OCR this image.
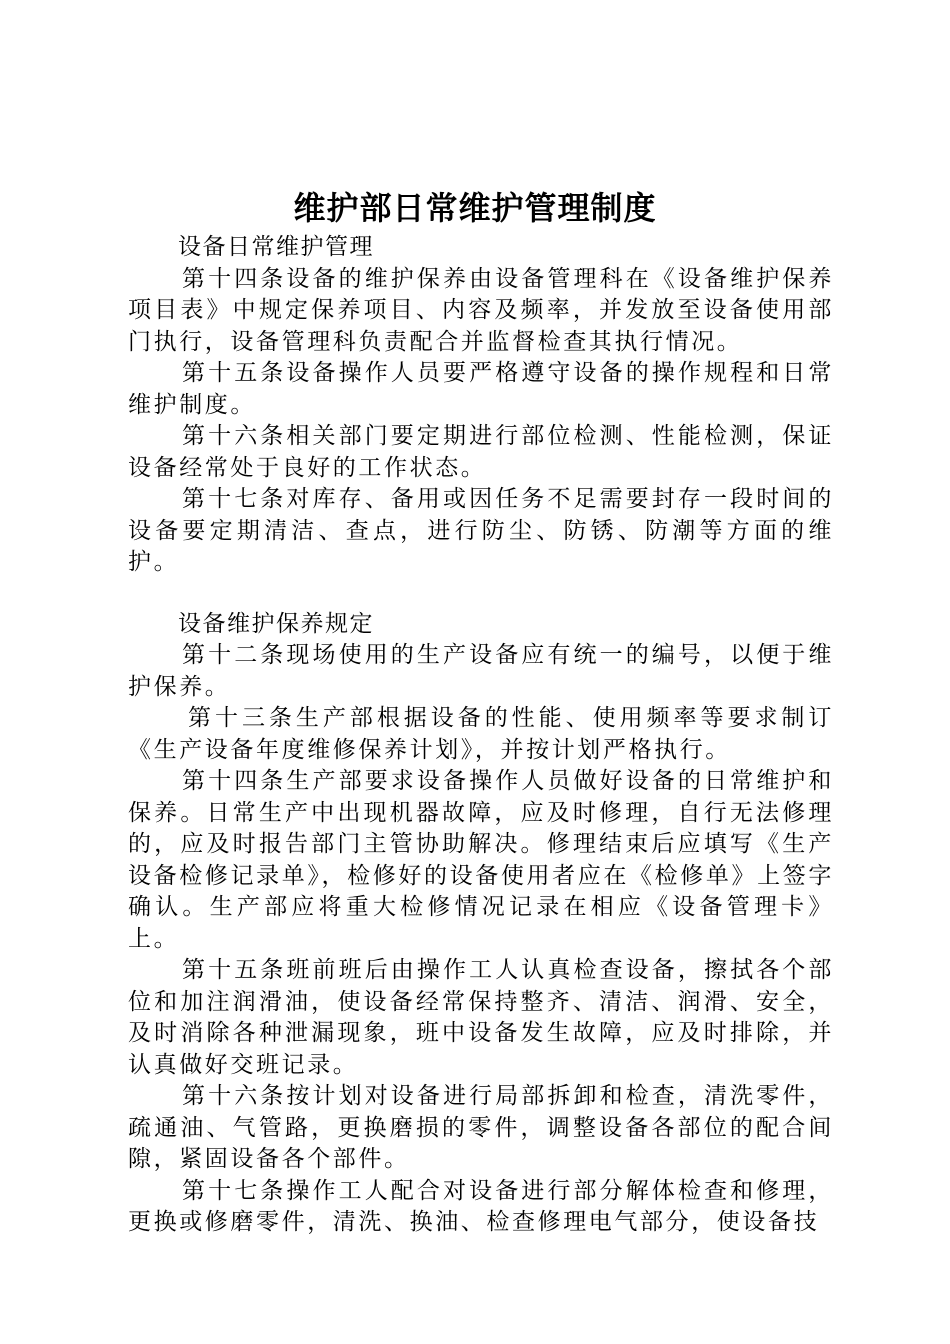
维护部日常维护管理制度

设备日常维护管理

第十四条设备的维护保养由设备管理科在《设备维护保养项目表》中规定保养项目、内容及频率，并发放至设备使用部门执行，设备管理科负责配合并监督检查其执行情况。

第十五条设备操作人员要严格遵守设备的操作规程和日常维护制度。

第十六条相关部门要定期进行部位检测、性能检测，保证设备经常处于良好的工作状态。

第十七条对库存、备用或因任务不足需要封存一段时间的设备要定期清洁、查点，进行防尘、防锈、防潮等方面的维护。

设备维护保养规定

第十二条现场使用的生产设备应有统一的编号，以便于维护保养。

第十三条生产部根据设备的性能、使用频率等要求制订《生产设备年度维修保养计划》，并按计划严格执行。

第十四条生产部要求设备操作人员做好设备的日常维护和保养。日常生产中出现机器故障，应及时修理，自行无法修理的，应及时报告部门主管协助解决。修理结束后应填写《生产设备检修记录单》，检修好的设备使用者应在《检修单》上签字确认。生产部应将重大检修情况记录在相应《设备管理卡》上。

第十五条班前班后由操作工人认真检查设备，擦拭各个部位和加注润滑油，使设备经常保持整齐、清洁、润滑、安全，及时消除各种泄漏现象，班中设备发生故障，应及时排除，并认真做好交班记录。

第十六条按计划对设备进行局部拆卸和检查，清洗零件，疏通油、气管路，更换磨损的零件，调整设备各部位的配合间隙，紧固设备各个部件。

第十七条操作工人配合对设备进行部分解体检查和修理，更换或修磨零件，清洗、换油、检查修理电气部分，使设备技
